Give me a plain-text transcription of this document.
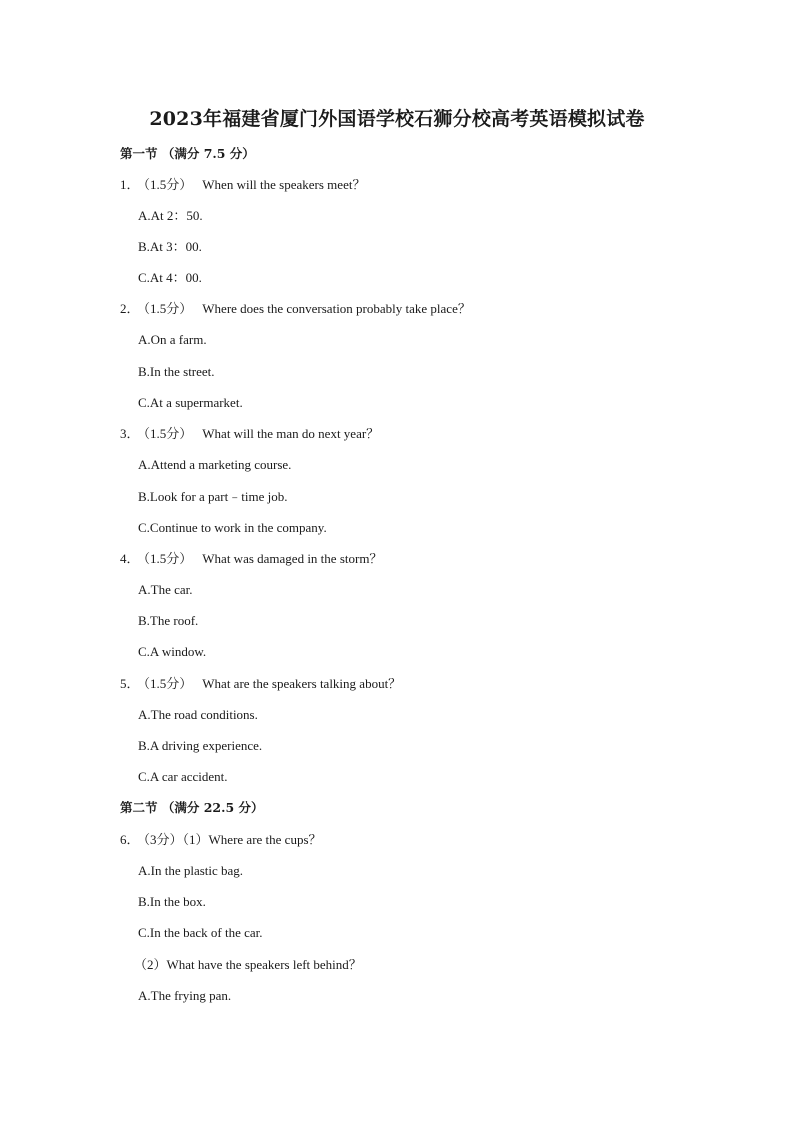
2023年福建省厦门外国语学校石狮分校高考英语模拟试卷
第一节 （满分 7.5 分）
1． （1.5分） When will the speakers meet？
A.At 2：50.
B.At 3：00.
C.At 4：00.
2． （1.5分） Where does the conversation probably take place？
A.On a farm.
B.In the street.
C.At a supermarket.
3． （1.5分） What will the man do next year？
A.Attend a marketing course.
B.Look for a part﹣time job.
C.Continue to work in the company.
4． （1.5分） What was damaged in the storm？
A.The car.
B.The roof.
C.A window.
5． （1.5分） What are the speakers talking about？
A.The road conditions.
B.A driving experience.
C.A car accident.
第二节 （满分 22.5 分）
6． （3分）（1）Where are the cups？
A.In the plastic bag.
B.In the box.
C.In the back of the car.
（2）What have the speakers left behind？
A.The frying pan.
